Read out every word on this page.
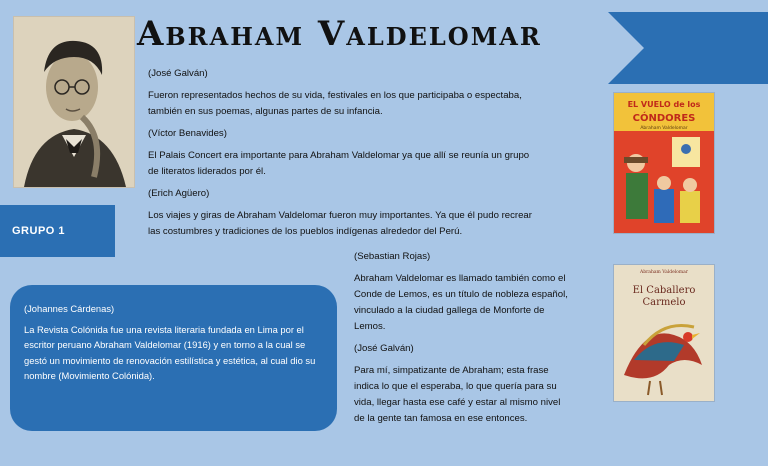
Abraham Valdelomar
GRUPO 1

(José Galván)

Fueron representados hechos de su vida, festivales en los que participaba o espectaba, también en sus poemas, algunas partes de su infancia.

(Víctor Benavides)

El Palais Concert era importante para Abraham Valdelomar ya que allí se reunía un grupo de literatos liderados por él.

(Erich Agüero)

Los viajes y giras de Abraham Valdelomar fueron muy importantes. Ya que él pudo recrear las costumbres y tradiciones de los pueblos indígenas alrededor del Perú.

(Sebastian Rojas)

Abraham Valdelomar es llamado también como el Conde de Lemos, es un título de nobleza español, vinculado a la ciudad gallega de Monforte de Lemos.

(José Galván)

Para mí, simpatizante de Abraham; esta frase indica lo que el esperaba, lo que quería para su vida, llegar hasta ese café y estar al mismo nivel de la gente tan famosa en ese entonces.

(Johannes Cárdenas)

La Revista Colónida fue una revista literaria fundada en Lima por el escritor peruano Abraham Valdelomar (1916) y en torno a la cual se gestó un movimiento de renovación estilística y estética, al cual dio su nombre (Movimiento Colónida).

EL VUELO de los
CÓNDORES
Abraham Valdelomar
Abraham Valdelomar
El Caballero
Carmelo
